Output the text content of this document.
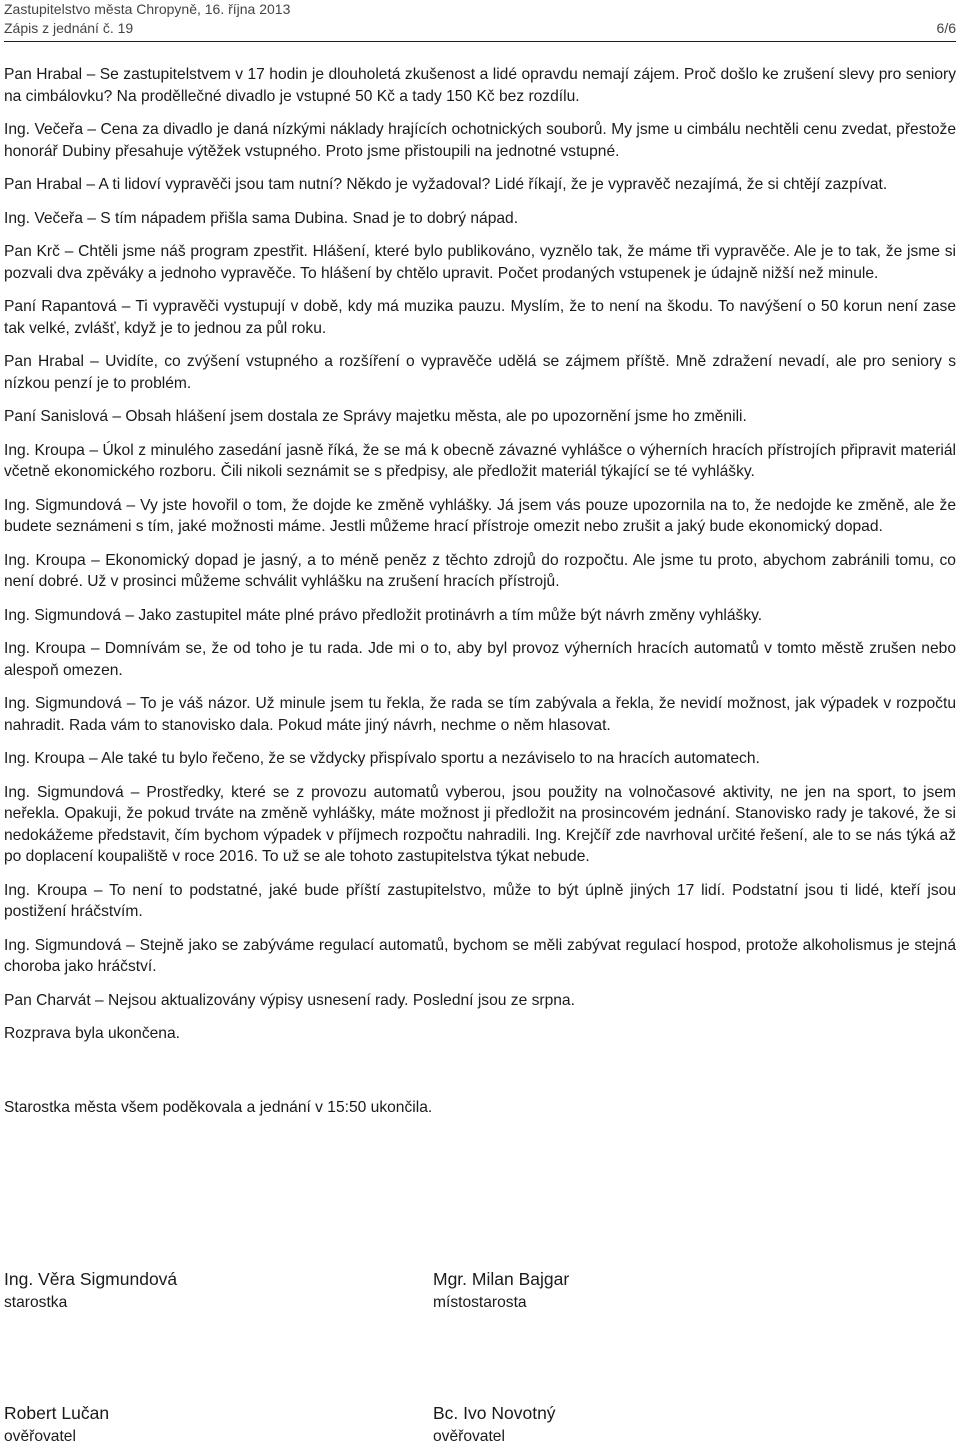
Zastupitelstvo města Chropyně, 16. října 2013
Zápis z jednání č. 19	6/6

Pan Hrabal – Se zastupitelstvem v 17 hodin je dlouholetá zkušenost a lidé opravdu nemají zájem. Proč došlo ke zrušení slevy pro seniory na cimbálovku? Na proděllečné divadlo je vstupné 50 Kč a tady 150 Kč bez rozdílu.

Ing. Večeřa – Cena za divadlo je daná nízkými náklady hrajících ochotnických souborů. My jsme u cimbálu nechtěli cenu zvedat, přestože honorář Dubiny přesahuje výtěžek vstupného. Proto jsme přistoupili na jednotné vstupné.

Pan Hrabal – A ti lidoví vypravěči jsou tam nutní? Někdo je vyžadoval? Lidé říkají, že je vypravěč nezajímá, že si chtějí zazpívat.

Ing. Večeřa – S tím nápadem přišla sama Dubina. Snad je to dobrý nápad.

Pan Krč – Chtěli jsme náš program zpestřit. Hlášení, které bylo publikováno, vyznělo tak, že máme tři vypravěče. Ale je to tak, že jsme si pozvali dva zpěváky a jednoho vypravěče. To hlášení by chtělo upravit. Počet prodaných vstupenek je údajně nižší než minule.

Paní Rapantová – Ti vypravěči vystupují v době, kdy má muzika pauzu. Myslím, že to není na škodu. To navýšení o 50 korun není zase tak velké, zvlášť, když je to jednou za půl roku.

Pan Hrabal – Uvidíte, co zvýšení vstupného a rozšíření o vypravěče udělá se zájmem příště. Mně zdražení nevadí, ale pro seniory s nízkou penzí je to problém.

Paní Sanislová – Obsah hlášení jsem dostala ze Správy majetku města, ale po upozornění jsme ho změnili.

Ing. Kroupa – Úkol z minulého zasedání jasně říká, že se má k obecně závazné vyhlášce o výherních hracích přístrojích připravit materiál včetně ekonomického rozboru. Čili nikoli seznámit se s předpisy, ale předložit materiál týkající se té vyhlášky.

Ing. Sigmundová – Vy jste hovořil o tom, že dojde ke změně vyhlášky. Já jsem vás pouze upozornila na to, že nedojde ke změně, ale že budete seznámeni s tím, jaké možnosti máme. Jestli můžeme hrací přístroje omezit nebo zrušit a jaký bude ekonomický dopad.

Ing. Kroupa – Ekonomický dopad je jasný, a to méně peněz z těchto zdrojů do rozpočtu. Ale jsme tu proto, abychom zabránili tomu, co není dobré. Už v prosinci můžeme schválit vyhlášku na zrušení hracích přístrojů.

Ing. Sigmundová – Jako zastupitel máte plné právo předložit protinávrh a tím může být návrh změny vyhlášky.

Ing. Kroupa – Domnívám se, že od toho je tu rada. Jde mi o to, aby byl provoz výherních hracích automatů v tomto městě zrušen nebo alespoň omezen.

Ing. Sigmundová – To je váš názor. Už minule jsem tu řekla, že rada se tím zabývala a řekla, že nevidí možnost, jak výpadek v rozpočtu nahradit. Rada vám to stanovisko dala. Pokud máte jiný návrh, nechme o něm hlasovat.

Ing. Kroupa – Ale také tu bylo řečeno, že se vždycky přispívalo sportu a nezáviselo to na hracích automatech.

Ing. Sigmundová – Prostředky, které se z provozu automatů vyberou, jsou použity na volnočasové aktivity, ne jen na sport, to jsem neřekla. Opakuji, že pokud trváte na změně vyhlášky, máte možnost ji předložit na prosincovém jednání. Stanovisko rady je takové, že si nedokážeme představit, čím bychom výpadek v příjmech rozpočtu nahradili. Ing. Krejčíř zde navrhoval určité řešení, ale to se nás týká až po doplacení koupaliště v roce 2016. To už se ale tohoto zastupitelstva týkat nebude.

Ing. Kroupa – To není to podstatné, jaké bude příští zastupitelstvo, může to být úplně jiných 17 lidí. Podstatní jsou ti lidé, kteří jsou postižení hráčstvím.

Ing. Sigmundová – Stejně jako se zabýváme regulací automatů, bychom se měli zabývat regulací hospod, protože alkoholismus je stejná choroba jako hráčství.

Pan Charvát – Nejsou aktualizovány výpisy usnesení rady. Poslední jsou ze srpna.

Rozprava byla ukončena.

Starostka města všem poděkovala a jednání v 15:50 ukončila.
Ing. Věra Sigmundová
starostka
Mgr. Milan Bajgar
místostarosta
Robert Lučan
ověřovatel
Bc. Ivo Novotný
ověřovatel
